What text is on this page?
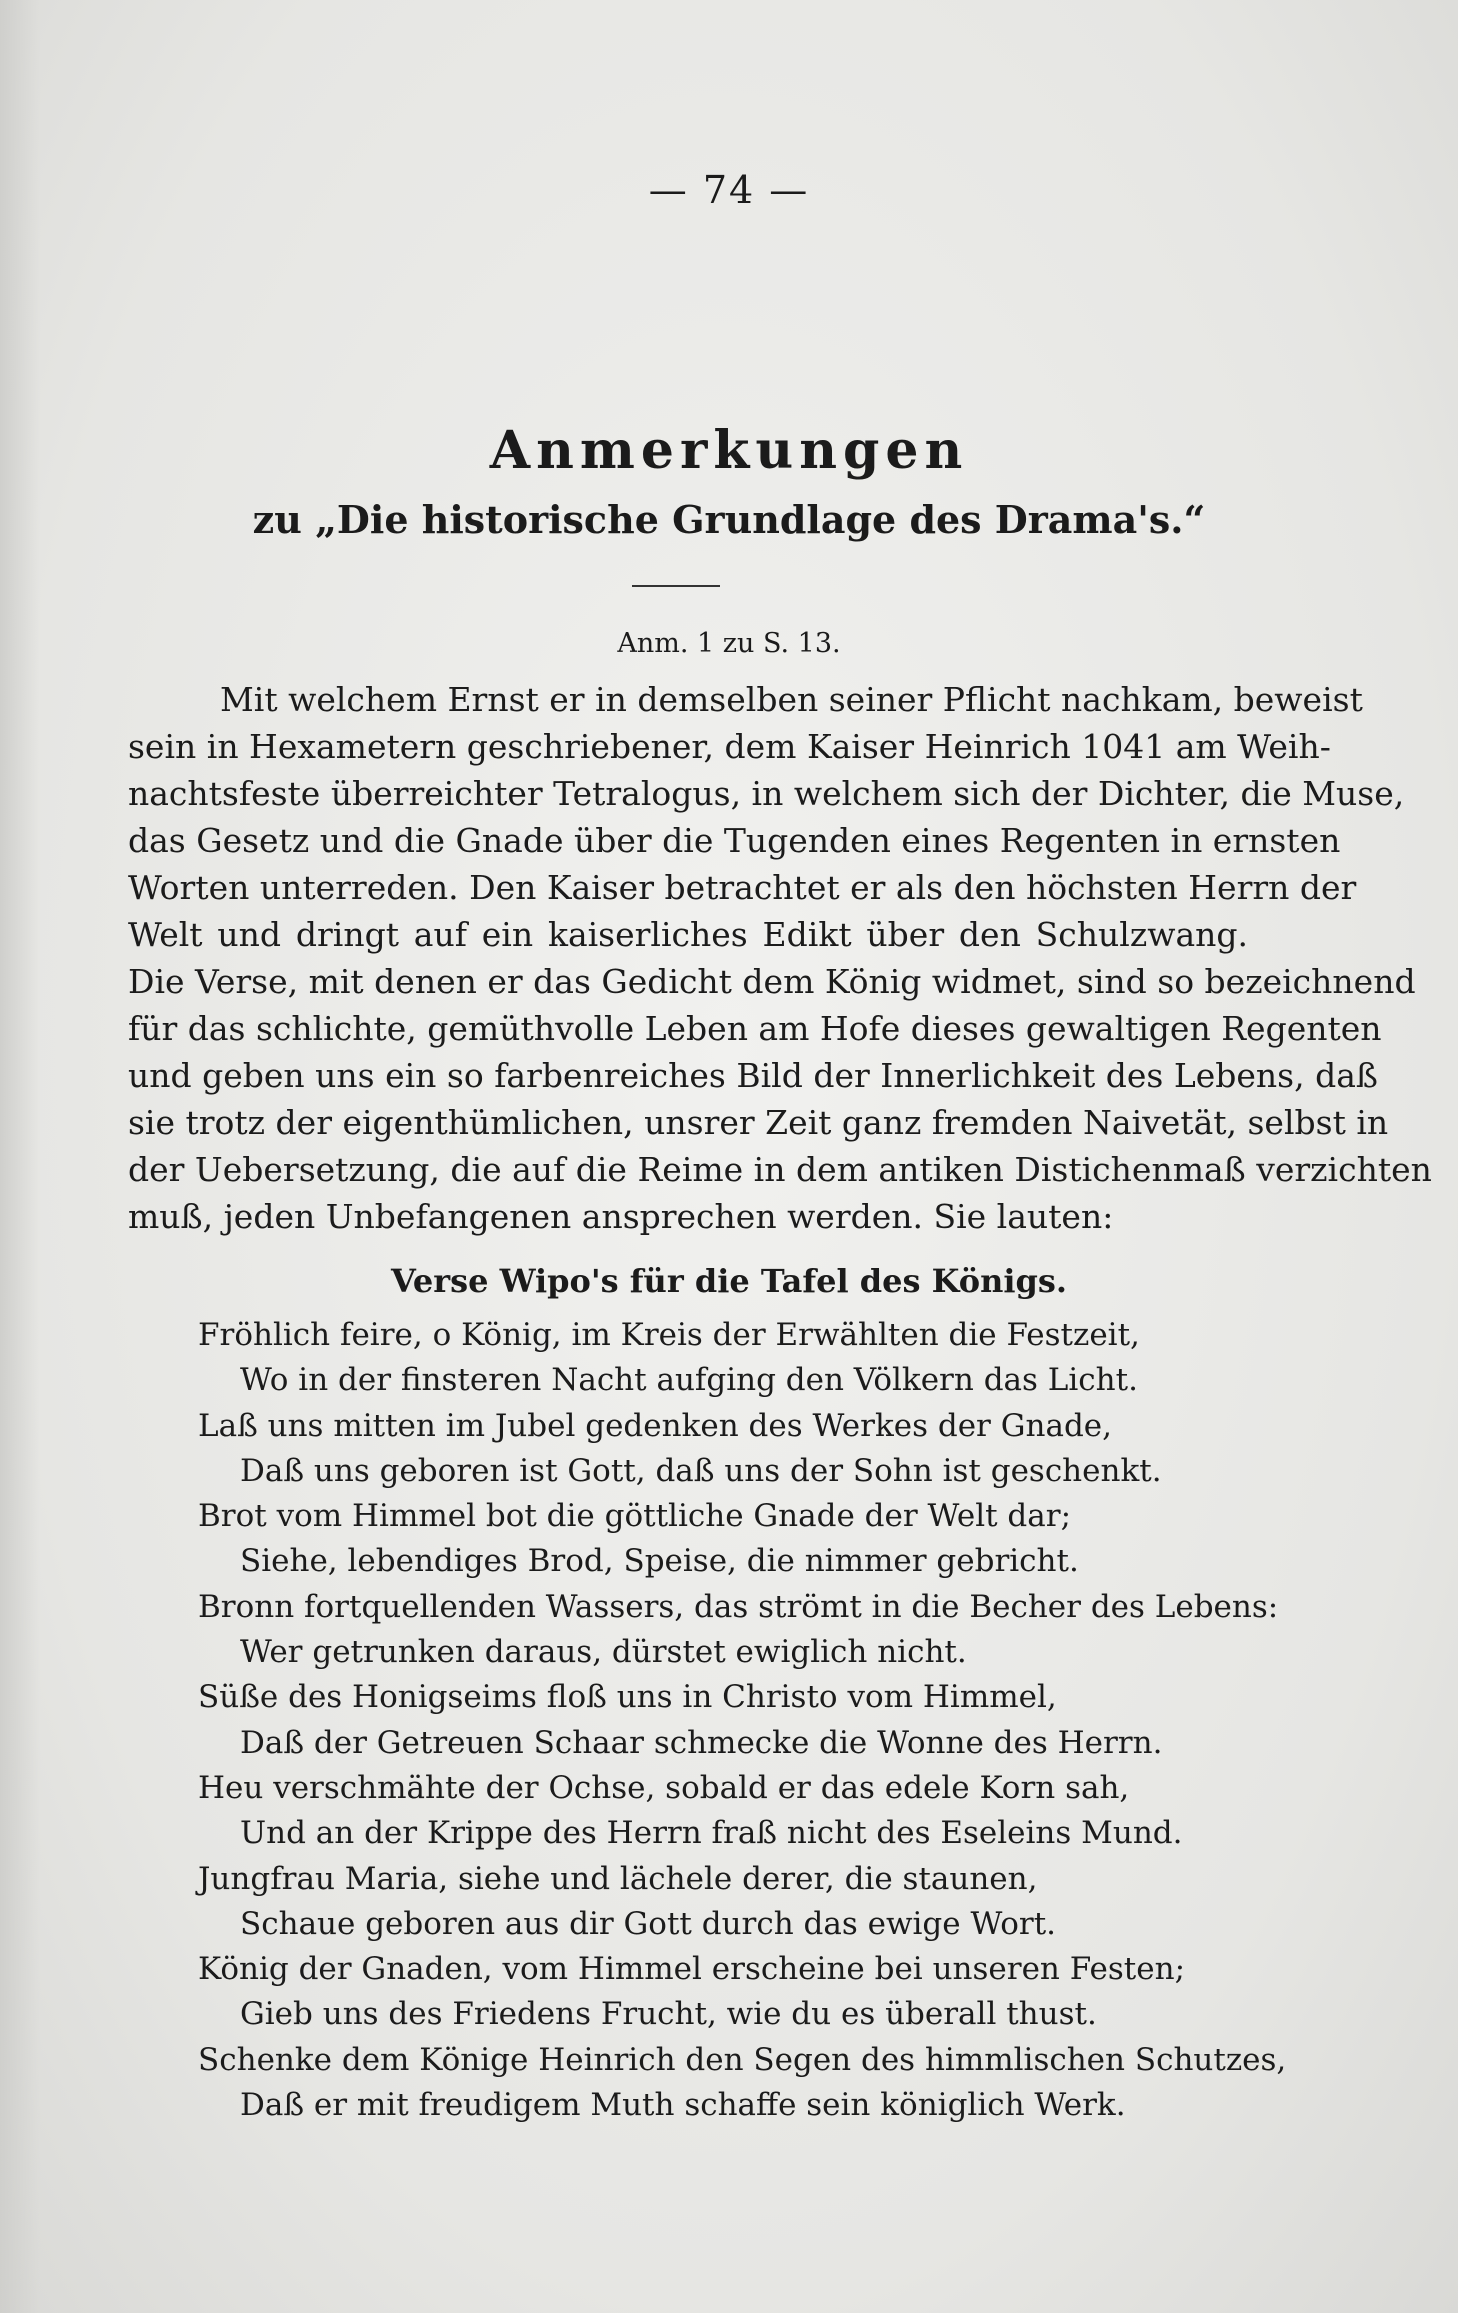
— 74 —
Anmerkungen
zu „Die historische Grundlage des Drama's.“
Anm. 1 zu S. 13.
Mit welchem Ernst er in demselben seiner Pflicht nachkam, beweist
sein in Hexametern geschriebener, dem Kaiser Heinrich 1041 am Weih-
nachtsfeste überreichter Tetralogus, in welchem sich der Dichter, die Muse,
das Gesetz und die Gnade über die Tugenden eines Regenten in ernsten
Worten unterreden. Den Kaiser betrachtet er als den höchsten Herrn der
Welt und dringt auf ein kaiserliches Edikt über den Schulzwang.
Die Verse, mit denen er das Gedicht dem König widmet, sind so bezeichnend
für das schlichte, gemüthvolle Leben am Hofe dieses gewaltigen Regenten
und geben uns ein so farbenreiches Bild der Innerlichkeit des Lebens, daß
sie trotz der eigenthümlichen, unsrer Zeit ganz fremden Naivetät, selbst in
der Uebersetzung, die auf die Reime in dem antiken Distichenmaß verzichten
muß, jeden Unbefangenen ansprechen werden. Sie lauten:
Verse Wipo's für die Tafel des Königs.
Fröhlich feire, o König, im Kreis der Erwählten die Festzeit,
Wo in der finsteren Nacht aufging den Völkern das Licht.
Laß uns mitten im Jubel gedenken des Werkes der Gnade,
Daß uns geboren ist Gott, daß uns der Sohn ist geschenkt.
Brot vom Himmel bot die göttliche Gnade der Welt dar;
Siehe, lebendiges Brod, Speise, die nimmer gebricht.
Bronn fortquellenden Wassers, das strömt in die Becher des Lebens:
Wer getrunken daraus, dürstet ewiglich nicht.
Süße des Honigseims floß uns in Christo vom Himmel,
Daß der Getreuen Schaar schmecke die Wonne des Herrn.
Heu verschmähte der Ochse, sobald er das edele Korn sah,
Und an der Krippe des Herrn fraß nicht des Eseleins Mund.
Jungfrau Maria, siehe und lächele derer, die staunen,
Schaue geboren aus dir Gott durch das ewige Wort.
König der Gnaden, vom Himmel erscheine bei unseren Festen;
Gieb uns des Friedens Frucht, wie du es überall thust.
Schenke dem Könige Heinrich den Segen des himmlischen Schutzes,
Daß er mit freudigem Muth schaffe sein königlich Werk.
